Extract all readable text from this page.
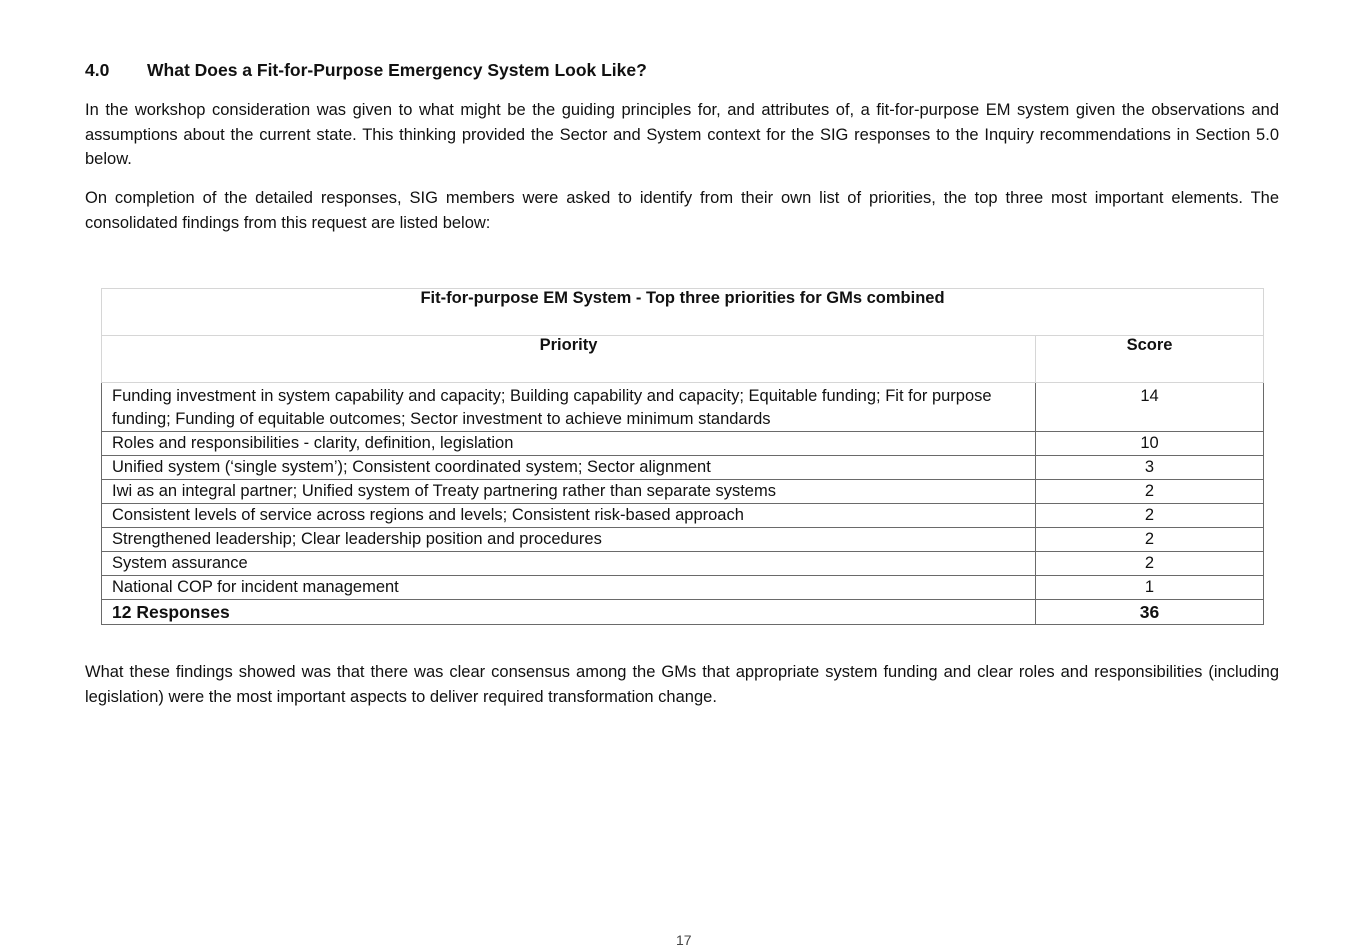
4.0 What Does a Fit-for-Purpose Emergency System Look Like?

In the workshop consideration was given to what might be the guiding principles for, and attributes of, a fit-for-purpose EM system given the observations and assumptions about the current state. This thinking provided the Sector and System context for the SIG responses to the Inquiry recommendations in Section 5.0 below.

On completion of the detailed responses, SIG members were asked to identify from their own list of priorities, the top three most important elements. The consolidated findings from this request are listed below:

What these findings showed was that there was clear consensus among the GMs that appropriate system funding and clear roles and responsibilities (including legislation) were the most important aspects to deliver required transformation change.

Fit-for-purpose EM System - Top three priorities for GMs combined	
Priority	Score
Funding investment in system capability and capacity; Building capability and capacity; Equitable funding; Fit for purpose funding; Funding of equitable outcomes; Sector investment to achieve minimum standards	14
Roles and responsibilities - clarity, definition, legislation	10
Unified system (‘single system’); Consistent coordinated system; Sector alignment	3
Iwi as an integral partner; Unified system of Treaty partnering rather than separate systems	2
Consistent levels of service across regions and levels; Consistent risk-based approach	2
Strengthened leadership; Clear leadership position and procedures	2
System assurance	2
National COP for incident management	1
12 Responses	36
17
